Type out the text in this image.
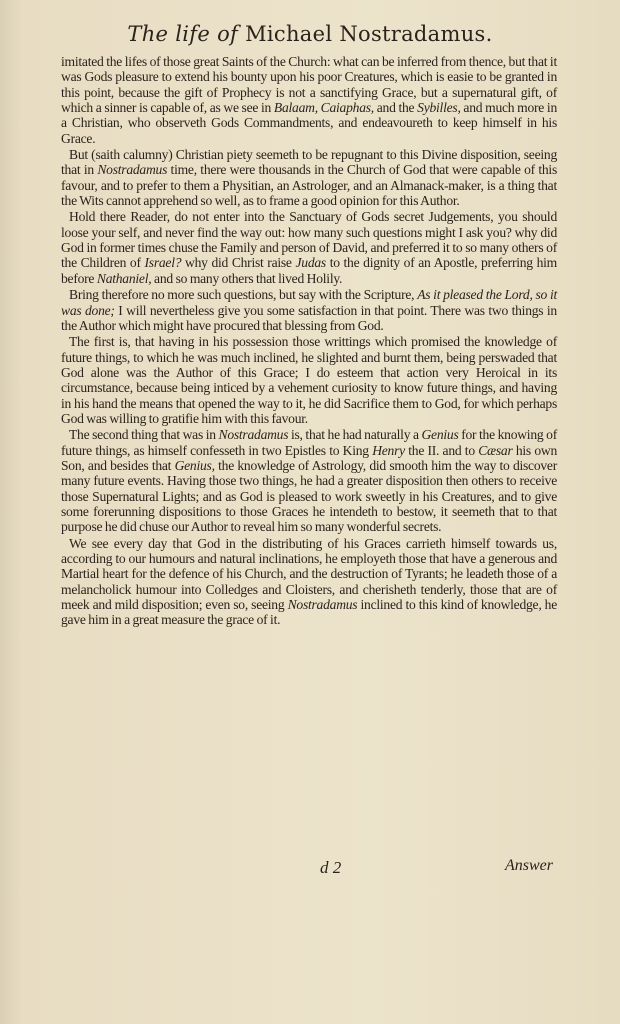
The life of Michael Nostradamus.

imitated the lifes of those great Saints of the Church: what can be inferred from thence, but that it was Gods pleasure to extend his bounty upon his poor Creatures, which is easie to be granted in this point, because the gift of Prophecy is not a sanctifying Grace, but a supernatural gift, of which a sinner is capable of, as we see in Balaam, Caiaphas, and the Sybilles, and much more in a Christian, who observeth Gods Commandments, and endeavoureth to keep himself in his Grace.

But (saith calumny) Christian piety seemeth to be repugnant to this Divine disposition, seeing that in Nostradamus time, there were thousands in the Church of God that were capable of this favour, and to prefer to them a Physitian, an Astrologer, and an Almanack-maker, is a thing that the Wits cannot apprehend so well, as to frame a good opinion for this Author.

Hold there Reader, do not enter into the Sanctuary of Gods secret Judgements, you should loose your self, and never find the way out: how many such questions might I ask you? why did God in former times chuse the Family and person of David, and preferred it to so many others of the Children of Israel? why did Christ raise Judas to the dignity of an Apostle, preferring him before Nathaniel, and so many others that lived Holily.

Bring therefore no more such questions, but say with the Scripture, As it pleased the Lord, so it was done; I will nevertheless give you some satisfaction in that point. There was two things in the Author which might have procured that blessing from God.

The first is, that having in his possession those writtings which promised the knowledge of future things, to which he was much inclined, he slighted and burnt them, being perswaded that God alone was the Author of this Grace; I do esteem that action very Heroical in its circumstance, because being inticed by a vehement curiosity to know future things, and having in his hand the means that opened the way to it, he did Sacrifice them to God, for which perhaps God was willing to gratifie him with this favour.

The second thing that was in Nostradamus is, that he had naturally a Genius for the knowing of future things, as himself confesseth in two Epistles to King Henry the II. and to Cæsar his own Son, and besides that Genius, the knowledge of Astrology, did smooth him the way to discover many future events. Having those two things, he had a greater disposition then others to receive those Supernatural Lights; and as God is pleased to work sweetly in his Creatures, and to give some forerunning dispositions to those Graces he intendeth to bestow, it seemeth that to that purpose he did chuse our Author to reveal him so many wonderful secrets.

We see every day that God in the distributing of his Graces carrieth himself towards us, according to our humours and natural inclinations, he employeth those that have a generous and Martial heart for the defence of his Church, and the destruction of Tyrants; he leadeth those of a melancholick humour into Colledges and Cloisters, and cherisheth tenderly, those that are of meek and mild disposition; even so, seeing Nostradamus inclined to this kind of knowledge, he gave him in a great measure the grace of it.

d 2	Answer
